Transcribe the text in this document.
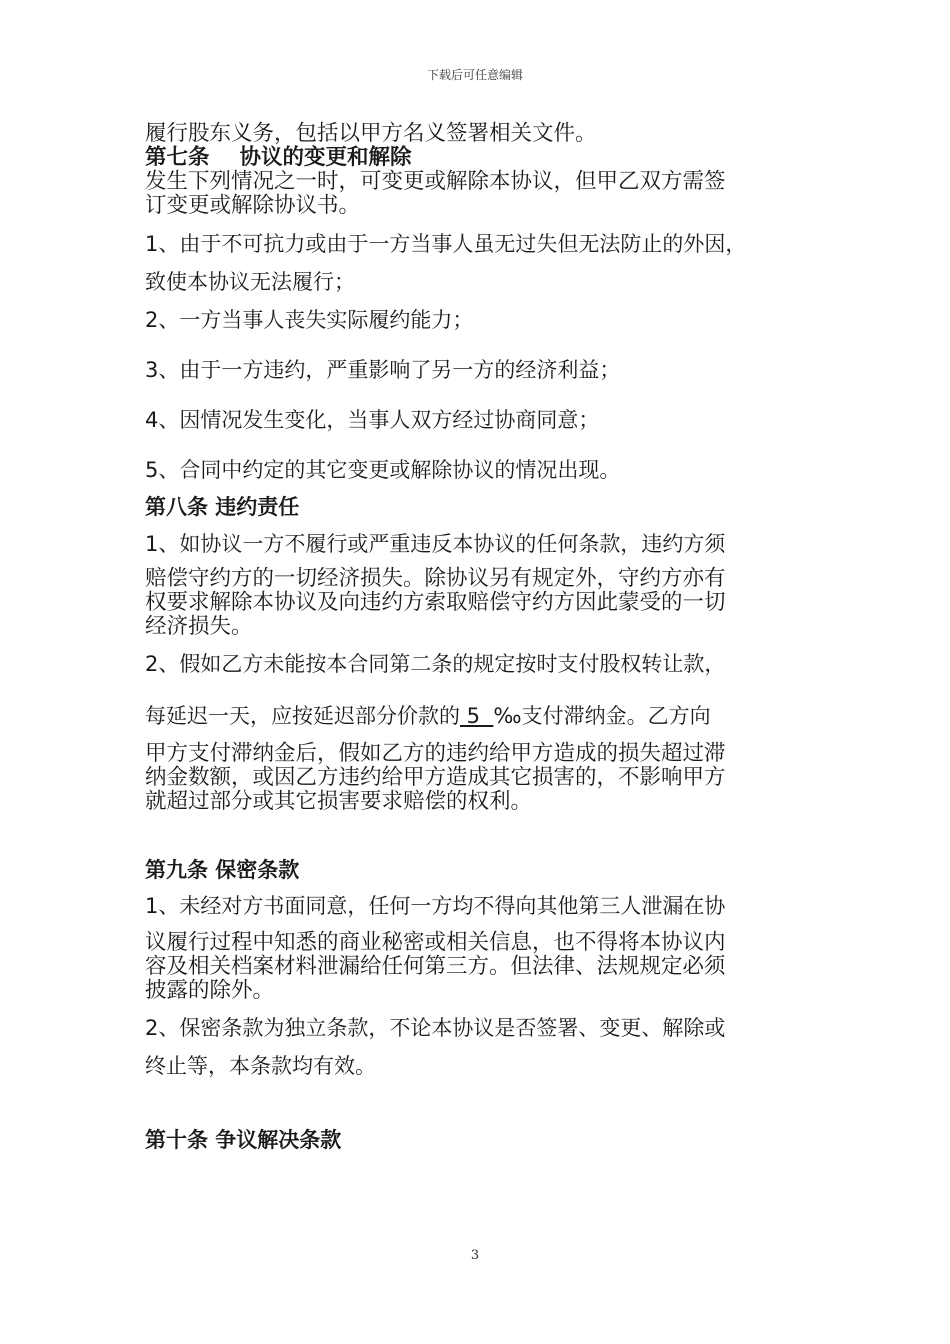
下载后可任意编辑

履行股东义务，包括以甲方名义签署相关文件。

第七条    协议的变更和解除

发生下列情况之一时，可变更或解除本协议，但甲乙双方需签

订变更或解除协议书。

1、由于不可抗力或由于一方当事人虽无过失但无法防止的外因，

致使本协议无法履行；

2、一方当事人丧失实际履约能力；

3、由于一方违约，严重影响了另一方的经济利益；

4、因情况发生变化，当事人双方经过协商同意；

5、合同中约定的其它变更或解除协议的情况出现。

第八条 违约责任

1、如协议一方不履行或严重违反本协议的任何条款，违约方须

赔偿守约方的一切经济损失。除协议另有规定外，守约方亦有

权要求解除本协议及向违约方索取赔偿守约方因此蒙受的一切

经济损失。

2、假如乙方未能按本合同第二条的规定按时支付股权转让款，

每延迟一天，应按延迟部分价款的 5  ‰支付滞纳金。乙方向

甲方支付滞纳金后，假如乙方的违约给甲方造成的损失超过滞

纳金数额，或因乙方违约给甲方造成其它损害的，不影响甲方

就超过部分或其它损害要求赔偿的权利。

第九条 保密条款

1、未经对方书面同意，任何一方均不得向其他第三人泄漏在协

议履行过程中知悉的商业秘密或相关信息，也不得将本协议内

容及相关档案材料泄漏给任何第三方。但法律、法规规定必须

披露的除外。

2、保密条款为独立条款，不论本协议是否签署、变更、解除或

终止等，本条款均有效。

第十条 争议解决条款

3
